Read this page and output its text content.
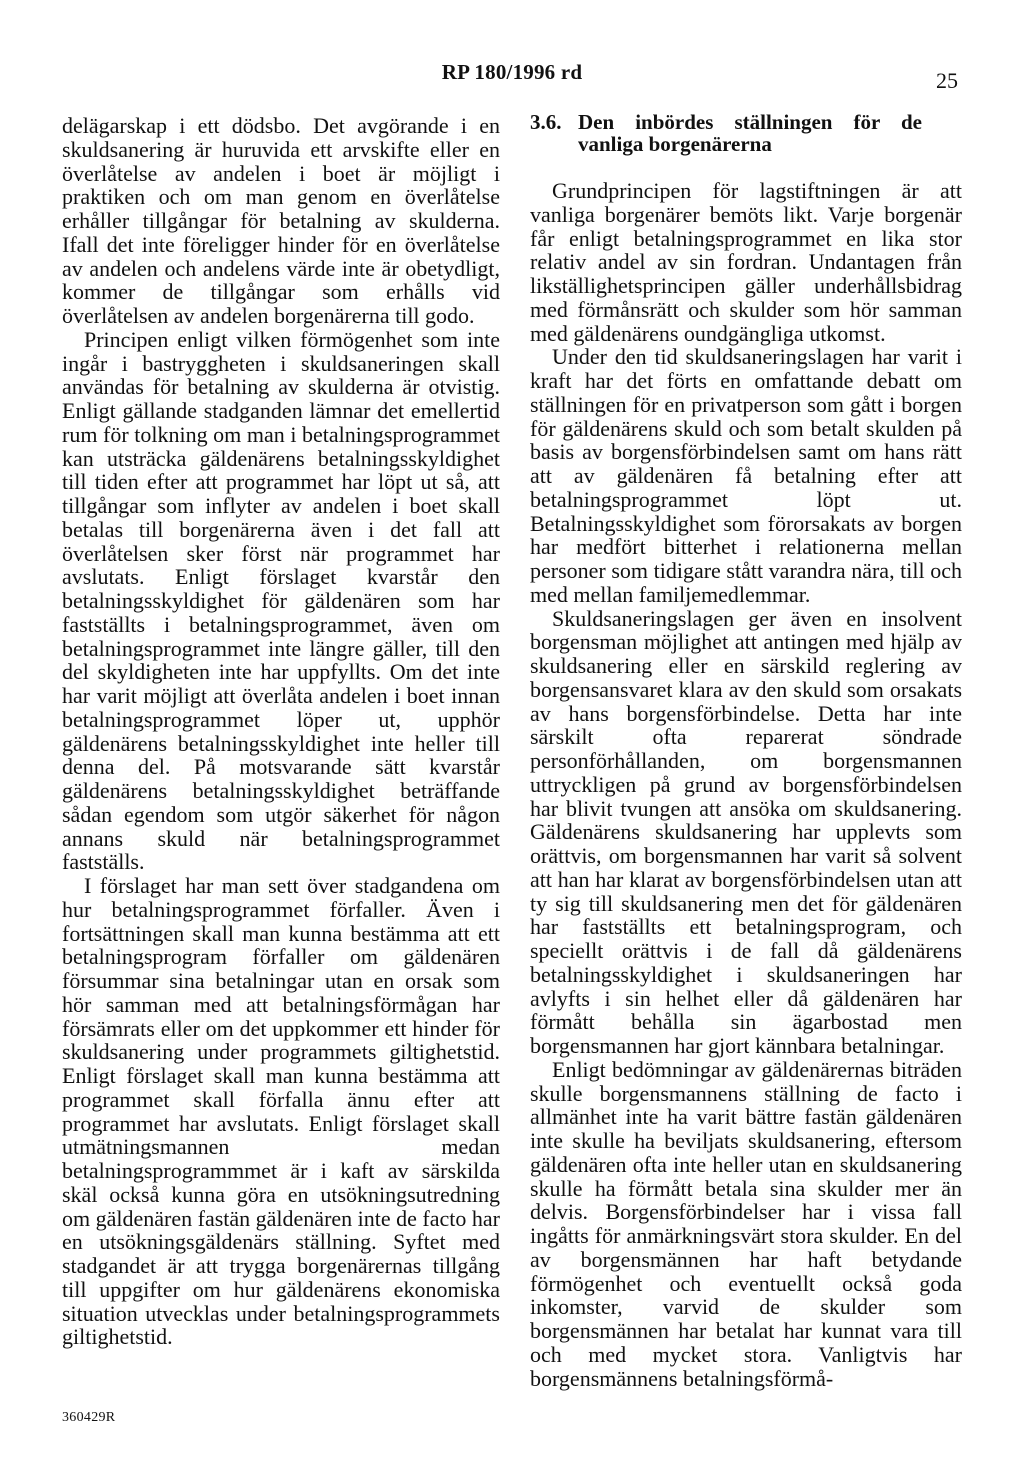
RP 180/1996 rd	25

delägarskap i ett dödsbo. Det avgörande i en skuldsanering är huruvida ett arvskifte eller en överlåtelse av andelen i boet är möjligt i praktiken och om man genom en överlåtelse erhåller tillgångar för betalning av skulderna. Ifall det inte föreligger hinder för en överlåtelse av andelen och andelens värde inte är obetydligt, kommer de tillgångar som erhålls vid överlåtelsen av andelen borgenärerna till godo.

Principen enligt vilken förmögenhet som inte ingår i bastryggheten i skuldsaneringen skall användas för betalning av skulderna är otvistig. Enligt gällande stadganden lämnar det emellertid rum för tolkning om man i betalningsprogrammet kan utsträcka gäldenärens betalningsskyldighet till tiden efter att programmet har löpt ut så, att tillgångar som inflyter av andelen i boet skall betalas till borgenärerna även i det fall att överlåtelsen sker först när programmet har avslutats. Enligt förslaget kvarstår den betalningsskyldighet för gäldenären som har fastställts i betalningsprogrammet, även om betalningsprogrammet inte längre gäller, till den del skyldigheten inte har uppfyllts. Om det inte har varit möjligt att överlåta andelen i boet innan betalningsprogrammet löper ut, upphör gäldenärens betalningsskyldighet inte heller till denna del. På motsvarande sätt kvarstår gäldenärens betalningsskyldighet beträffande sådan egendom som utgör säkerhet för någon annans skuld när betalningsprogrammet fastställs.

I förslaget har man sett över stadgandena om hur betalningsprogrammet förfaller. Även i fortsättningen skall man kunna bestämma att ett betalningsprogram förfaller om gäldenären försummar sina betalningar utan en orsak som hör samman med att betalningsförmågan har försämrats eller om det uppkommer ett hinder för skuldsanering under programmets giltighetstid. Enligt förslaget skall man kunna bestämma att programmet skall förfalla ännu efter att programmet har avslutats. Enligt förslaget skall utmätningsmannen medan betalningsprogrammmet är i kaft av särskilda skäl också kunna göra en utsökningsutredning om gäldenären fastän gäldenären inte de facto har en utsökningsgäldenärs ställning. Syftet med stadgandet är att trygga borgenärernas tillgång till uppgifter om hur gäldenärens ekonomiska situation utvecklas under betalningsprogrammets giltighetstid.

3.6. Den inbördes ställningen för de vanliga borgenärerna

Grundprincipen för lagstiftningen är att vanliga borgenärer bemöts likt. Varje borgenär får enligt betalningsprogrammet en lika stor relativ andel av sin fordran. Undantagen från likställighetsprincipen gäller underhållsbidrag med förmånsrätt och skulder som hör samman med gäldenärens oundgängliga utkomst.

Under den tid skuldsaneringslagen har varit i kraft har det förts en omfattande debatt om ställningen för en privatperson som gått i borgen för gäldenärens skuld och som betalt skulden på basis av borgensförbindelsen samt om hans rätt att av gäldenären få betalning efter att betalningsprogrammet löpt ut. Betalningsskyldighet som förorsakats av borgen har medfört bitterhet i relationerna mellan personer som tidigare stått varandra nära, till och med mellan familjemedlemmar.

Skuldsaneringslagen ger även en insolvent borgensman möjlighet att antingen med hjälp av skuldsanering eller en särskild reglering av borgensansvaret klara av den skuld som orsakats av hans borgensförbindelse. Detta har inte särskilt ofta reparerat söndrade personförhållanden, om borgensmannen uttryckligen på grund av borgensförbindelsen har blivit tvungen att ansöka om skuldsanering. Gäldenärens skuldsanering har upplevts som orättvis, om borgensmannen har varit så solvent att han har klarat av borgensförbindelsen utan att ty sig till skuldsanering men det för gäldenären har fastställts ett betalningsprogram, och speciellt orättvis i de fall då gäldenärens betalningsskyldighet i skuldsaneringen har avlyfts i sin helhet eller då gäldenären har förmått behålla sin ägarbostad men borgensmannen har gjort kännbara betalningar.

Enligt bedömningar av gäldenärernas biträden skulle borgensmannens ställning de facto i allmänhet inte ha varit bättre fastän gäldenären inte skulle ha beviljats skuldsanering, eftersom gäldenären ofta inte heller utan en skuldsanering skulle ha förmått betala sina skulder mer än delvis. Borgensförbindelser har i vissa fall ingåtts för anmärkningsvärt stora skulder. En del av borgensmännen har haft betydande förmögenhet och eventuellt också goda inkomster, varvid de skulder som borgensmännen har betalat har kunnat vara till och med mycket stora. Vanligtvis har borgensmännens betalningsförmå-

360429R
